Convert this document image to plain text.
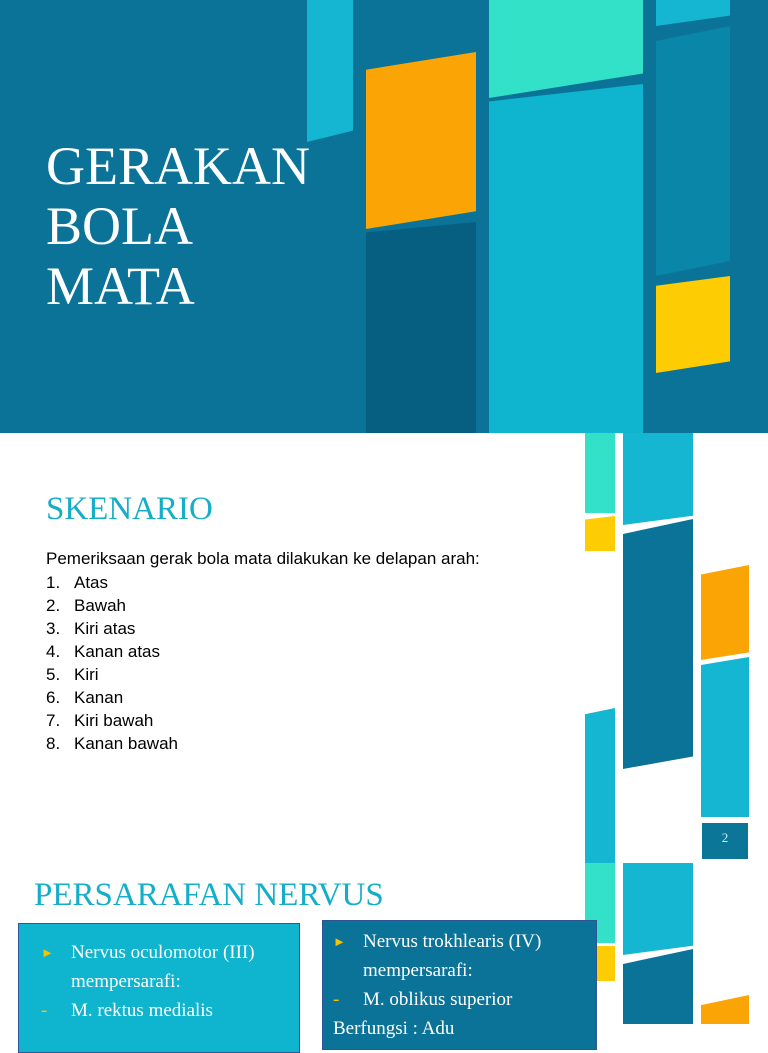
GERAKAN
BOLA
MATA
SKENARIO
Pemeriksaan gerak bola mata dilakukan ke delapan arah:
1. Atas
2. Bawah
3. Kiri atas
4. Kanan atas
5. Kiri
6. Kanan
7. Kiri bawah
8. Kanan bawah
2
PERSARAFAN NERVUS
► Nervus oculomotor (III)
mempersarafi:
- M. rektus medialis
► Nervus trokhlearis (IV)
mempersarafi:
- M. oblikus superior
Berfungsi : Adu
